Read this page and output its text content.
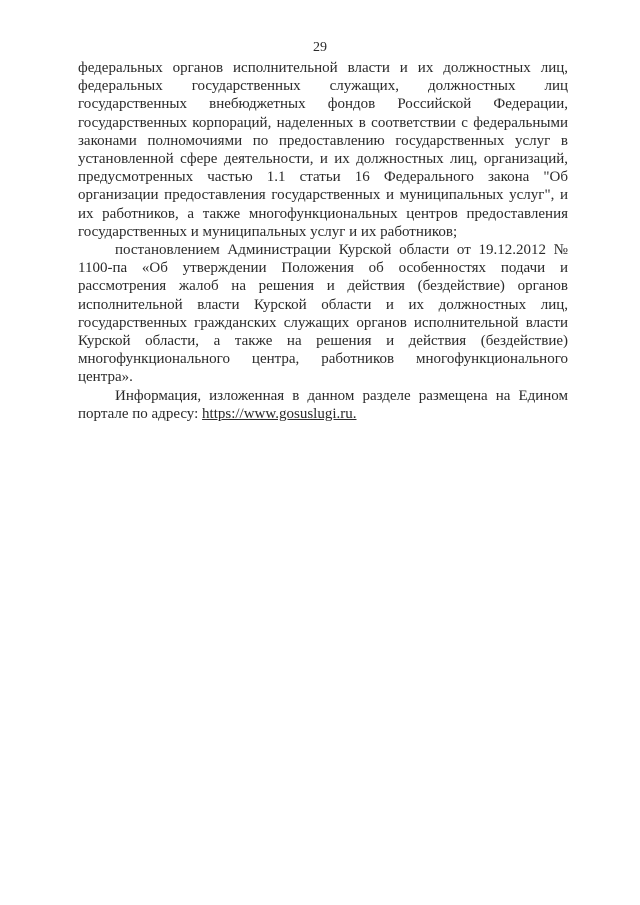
29

федеральных органов исполнительной власти и их должностных лиц, федеральных государственных служащих, должностных лиц государственных внебюджетных фондов Российской Федерации, государственных корпораций, наделенных в соответствии с федеральными законами полномочиями по предоставлению государственных услуг в установленной сфере деятельности, и их должностных лиц, организаций, предусмотренных частью 1.1 статьи 16 Федерального закона "Об организации предоставления государственных и муниципальных услуг", и их работников, а также многофункциональных центров предоставления государственных и муниципальных услуг и их работников;

постановлением Администрации Курской области от 19.12.2012 № 1100-па «Об утверждении Положения об особенностях подачи и рассмотрения жалоб на решения и действия (бездействие) органов исполнительной власти Курской области и их должностных лиц, государственных гражданских служащих органов исполнительной власти Курской области, а также на решения и действия (бездействие) многофункционального центра, работников многофункционального центра».

Информация, изложенная в данном разделе размещена на Едином портале по адресу: https://www.gosuslugi.ru.
